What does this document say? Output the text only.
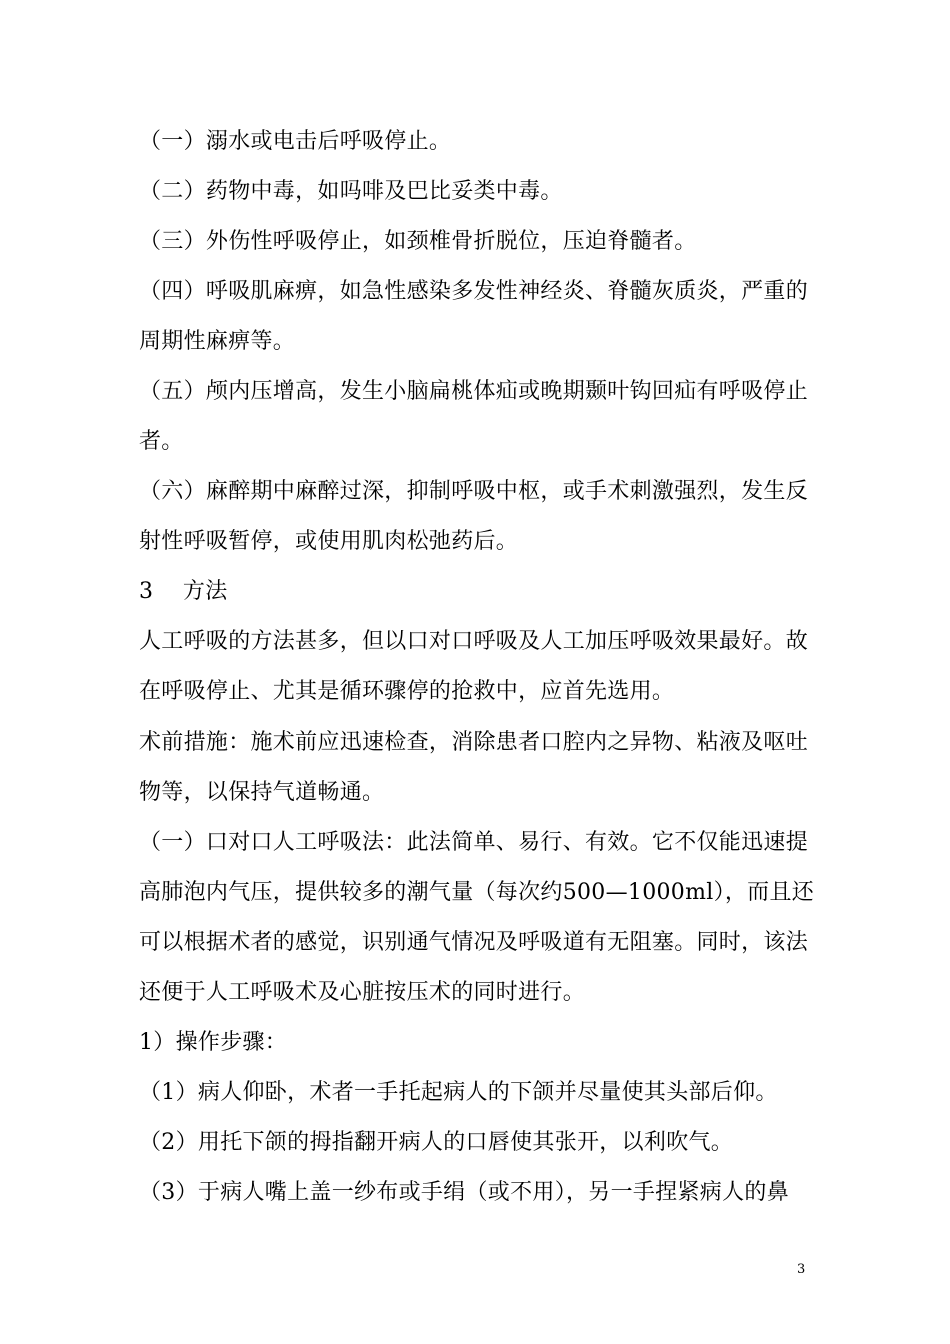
（一）溺水或电击后呼吸停止。
（二）药物中毒，如吗啡及巴比妥类中毒。
（三）外伤性呼吸停止，如颈椎骨折脱位，压迫脊髓者。
（四）呼吸肌麻痹，如急性感染多发性神经炎、脊髓灰质炎，严重的
周期性麻痹等。
（五）颅内压增高，发生小脑扁桃体疝或晚期颞叶钩回疝有呼吸停止
者。
（六）麻醉期中麻醉过深，抑制呼吸中枢，或手术刺激强烈，发生反
射性呼吸暂停，或使用肌肉松弛药后。
3　 方法
人工呼吸的方法甚多，但以口对口呼吸及人工加压呼吸效果最好。故
在呼吸停止、尤其是循环骤停的抢救中，应首先选用。
术前措施：施术前应迅速检查，消除患者口腔内之异物、粘液及呕吐
物等，以保持气道畅通。
（一）口对口人工呼吸法：此法简单、易行、有效。它不仅能迅速提
高肺泡内气压，提供较多的潮气量（每次约500—1000ml），而且还
可以根据术者的感觉，识别通气情况及呼吸道有无阻塞。同时，该法
还便于人工呼吸术及心脏按压术的同时进行。
1）操作步骤：
（1）病人仰卧，术者一手托起病人的下颌并尽量使其头部后仰。
（2）用托下颌的拇指翻开病人的口唇使其张开，以利吹气。
（3）于病人嘴上盖一纱布或手绢（或不用），另一手捏紧病人的鼻
3
